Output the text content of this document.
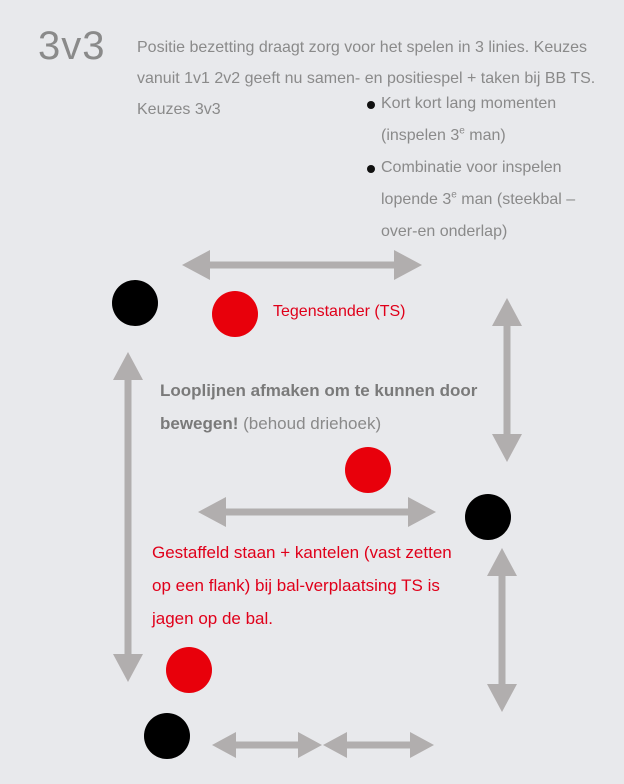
3v3 Positie bezetting draagt zorg voor het spelen in 3 linies. Keuzes vanuit 1v1 2v2 geeft nu samen- en positiespel + taken bij BB TS. Keuzes 3v3	Kort kort lang momenten (inspelen 3e man)
Combinatie voor inspelen lopende 3e man (steekbal – over-en onderlap)
Tegenstander (TS)
Looplijnen afmaken om te kunnen door bewegen! (behoud driehoek)
Gestaffeld staan + kantelen (vast zetten op een flank) bij bal-verplaatsing TS is jagen op de bal.
